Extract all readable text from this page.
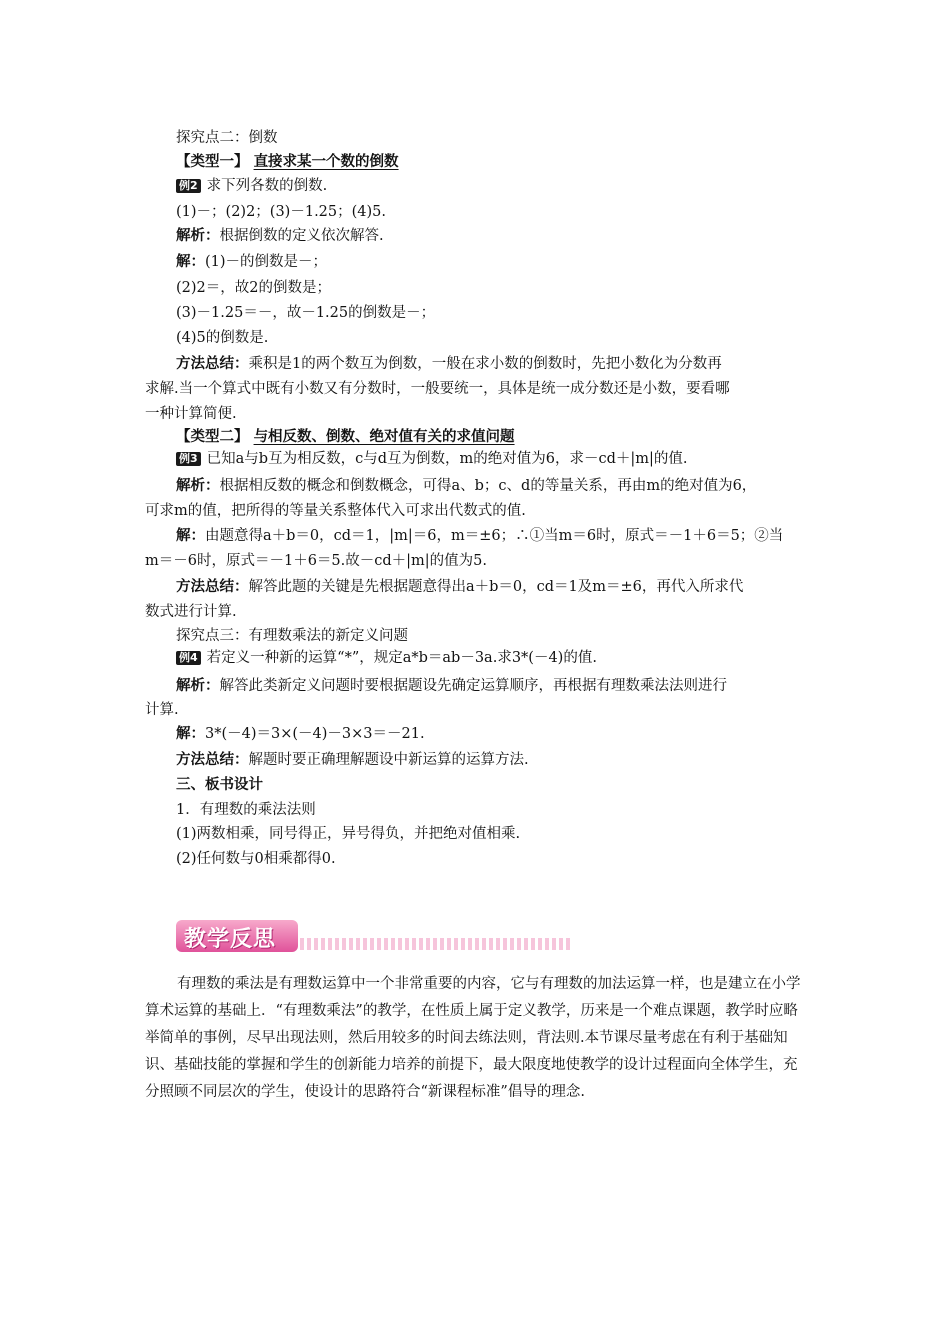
探究点二：倒数
【类型一】 直接求某一个数的倒数
例2 求下列各数的倒数.
(1)－；(2)2；(3)－1.25；(4)5.
解析：根据倒数的定义依次解答.
解：(1)－的倒数是－；
(2)2＝，故2的倒数是；
(3)－1.25＝－，故－1.25的倒数是－；
(4)5的倒数是.
方法总结：乘积是1的两个数互为倒数，一般在求小数的倒数时，先把小数化为分数再
求解.当一个算式中既有小数又有分数时，一般要统一，具体是统一成分数还是小数，要看哪
一种计算简便.
【类型二】 与相反数、倒数、绝对值有关的求值问题
例3 已知a与b互为相反数，c与d互为倒数，m的绝对值为6，求－cd＋|m|的值.
解析：根据相反数的概念和倒数概念，可得a、b；c、d的等量关系，再由m的绝对值为6，
可求m的值，把所得的等量关系整体代入可求出代数式的值.
解：由题意得a＋b＝0，cd＝1，|m|＝6，m＝±6；∴①当m＝6时，原式＝－1＋6＝5；②当
m＝－6时，原式＝－1＋6＝5.故－cd＋|m|的值为5.
方法总结：解答此题的关键是先根据题意得出a＋b＝0，cd＝1及m＝±6，再代入所求代
数式进行计算.
探究点三：有理数乘法的新定义问题
例4 若定义一种新的运算“*”，规定a*b＝ab－3a.求3*(－4)的值.
解析：解答此类新定义问题时要根据题设先确定运算顺序，再根据有理数乘法法则进行
计算.
解：3*(－4)＝3×(－4)－3×3＝－21.
方法总结：解题时要正确理解题设中新运算的运算方法.
三、板书设计
1．有理数的乘法法则
(1)两数相乘，同号得正，异号得负，并把绝对值相乘.
(2)任何数与0相乘都得0.
教学反思
有理数的乘法是有理数运算中一个非常重要的内容，它与有理数的加法运算一样，也是建立在小学算术运算的基础上．“有理数乘法”的教学，在性质上属于定义教学，历来是一个难点课题，教学时应略举简单的事例，尽早出现法则，然后用较多的时间去练法则，背法则.本节课尽量考虑在有利于基础知识、基础技能的掌握和学生的创新能力培养的前提下，最大限度地使教学的设计过程面向全体学生，充分照顾不同层次的学生，使设计的思路符合“新课程标准”倡导的理念.
